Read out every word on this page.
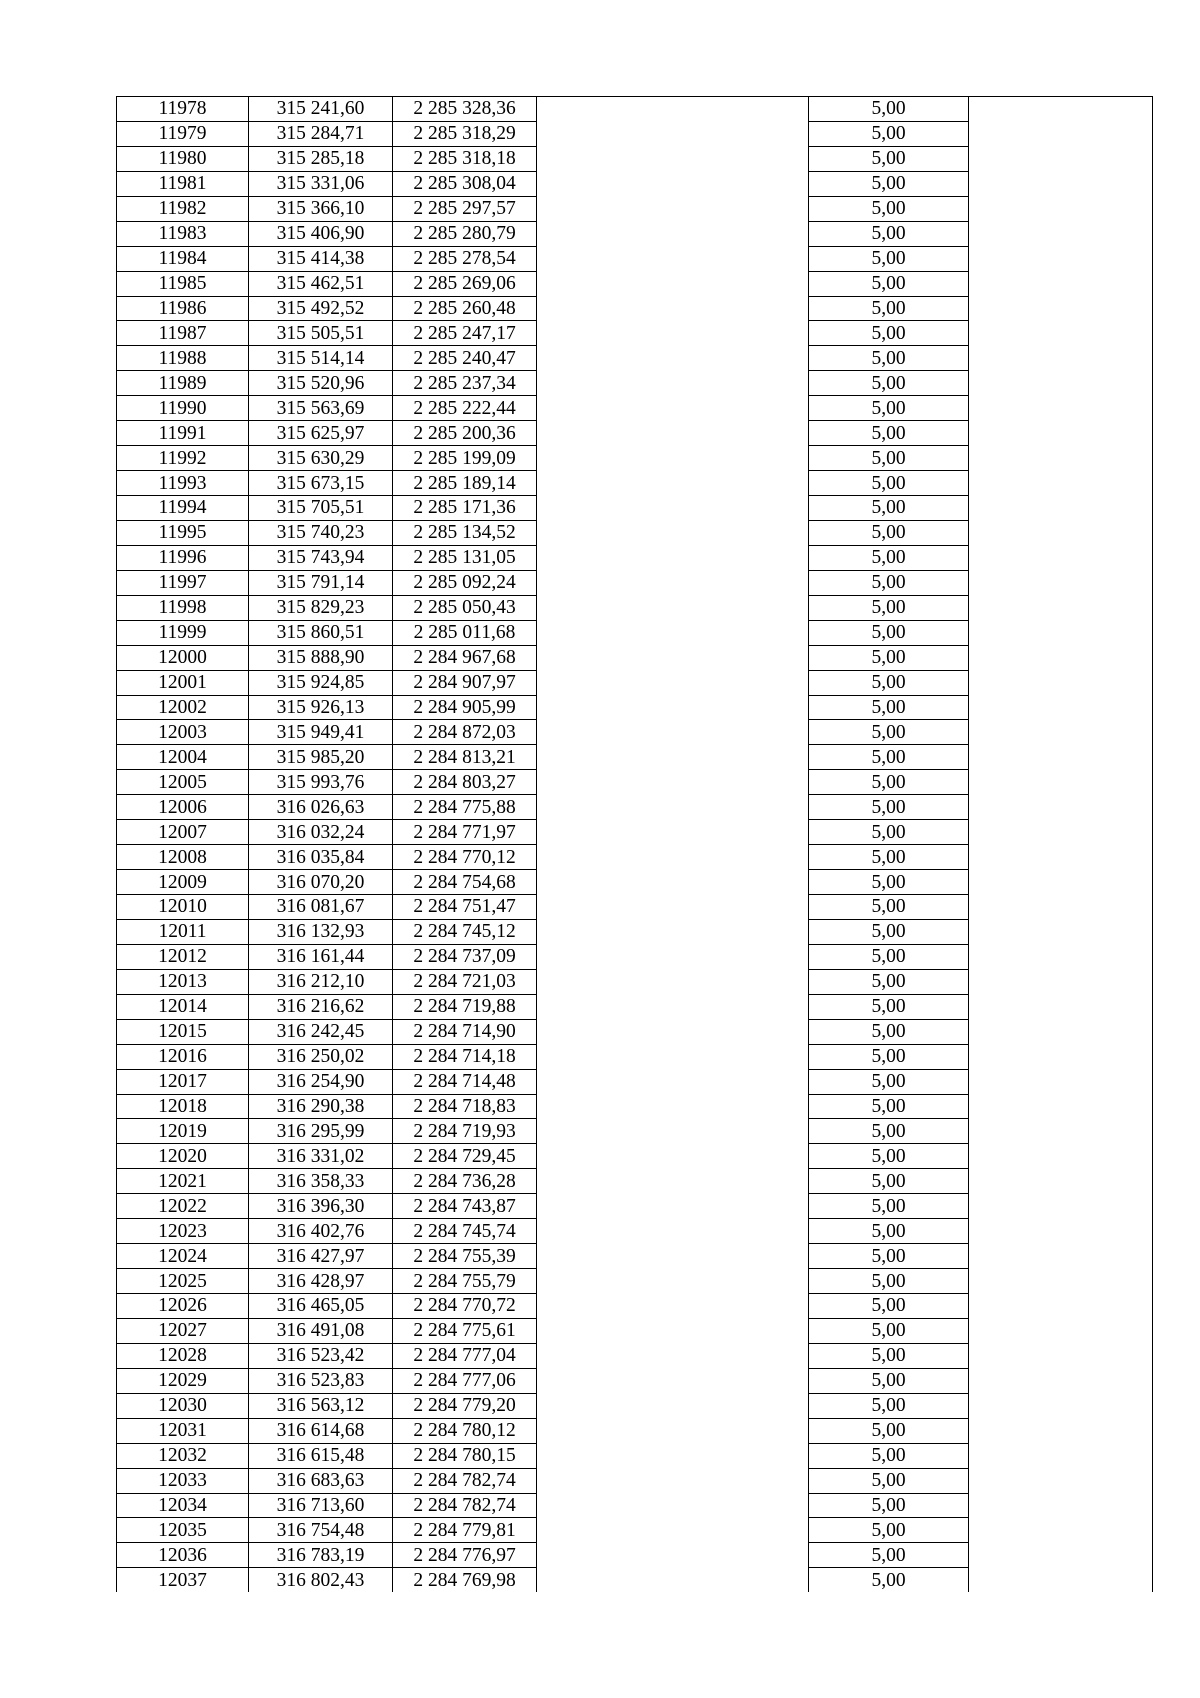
11978	315 241,60	2 285 328,36		5,00	
11979	315 284,71	2 285 318,29		5,00	
11980	315 285,18	2 285 318,18		5,00	
11981	315 331,06	2 285 308,04		5,00	
11982	315 366,10	2 285 297,57		5,00	
11983	315 406,90	2 285 280,79		5,00	
11984	315 414,38	2 285 278,54		5,00	
11985	315 462,51	2 285 269,06		5,00	
11986	315 492,52	2 285 260,48		5,00	
11987	315 505,51	2 285 247,17		5,00	
11988	315 514,14	2 285 240,47		5,00	
11989	315 520,96	2 285 237,34		5,00	
11990	315 563,69	2 285 222,44		5,00	
11991	315 625,97	2 285 200,36		5,00	
11992	315 630,29	2 285 199,09		5,00	
11993	315 673,15	2 285 189,14		5,00	
11994	315 705,51	2 285 171,36		5,00	
11995	315 740,23	2 285 134,52		5,00	
11996	315 743,94	2 285 131,05		5,00	
11997	315 791,14	2 285 092,24		5,00	
11998	315 829,23	2 285 050,43		5,00	
11999	315 860,51	2 285 011,68		5,00	
12000	315 888,90	2 284 967,68		5,00	
12001	315 924,85	2 284 907,97		5,00	
12002	315 926,13	2 284 905,99		5,00	
12003	315 949,41	2 284 872,03		5,00	
12004	315 985,20	2 284 813,21		5,00	
12005	315 993,76	2 284 803,27		5,00	
12006	316 026,63	2 284 775,88		5,00	
12007	316 032,24	2 284 771,97		5,00	
12008	316 035,84	2 284 770,12		5,00	
12009	316 070,20	2 284 754,68		5,00	
12010	316 081,67	2 284 751,47		5,00	
12011	316 132,93	2 284 745,12		5,00	
12012	316 161,44	2 284 737,09		5,00	
12013	316 212,10	2 284 721,03		5,00	
12014	316 216,62	2 284 719,88		5,00	
12015	316 242,45	2 284 714,90		5,00	
12016	316 250,02	2 284 714,18		5,00	
12017	316 254,90	2 284 714,48		5,00	
12018	316 290,38	2 284 718,83		5,00	
12019	316 295,99	2 284 719,93		5,00	
12020	316 331,02	2 284 729,45		5,00	
12021	316 358,33	2 284 736,28		5,00	
12022	316 396,30	2 284 743,87		5,00	
12023	316 402,76	2 284 745,74		5,00	
12024	316 427,97	2 284 755,39		5,00	
12025	316 428,97	2 284 755,79		5,00	
12026	316 465,05	2 284 770,72		5,00	
12027	316 491,08	2 284 775,61		5,00	
12028	316 523,42	2 284 777,04		5,00	
12029	316 523,83	2 284 777,06		5,00	
12030	316 563,12	2 284 779,20		5,00	
12031	316 614,68	2 284 780,12		5,00	
12032	316 615,48	2 284 780,15		5,00	
12033	316 683,63	2 284 782,74		5,00	
12034	316 713,60	2 284 782,74		5,00	
12035	316 754,48	2 284 779,81		5,00	
12036	316 783,19	2 284 776,97		5,00	
12037	316 802,43	2 284 769,98		5,00	
